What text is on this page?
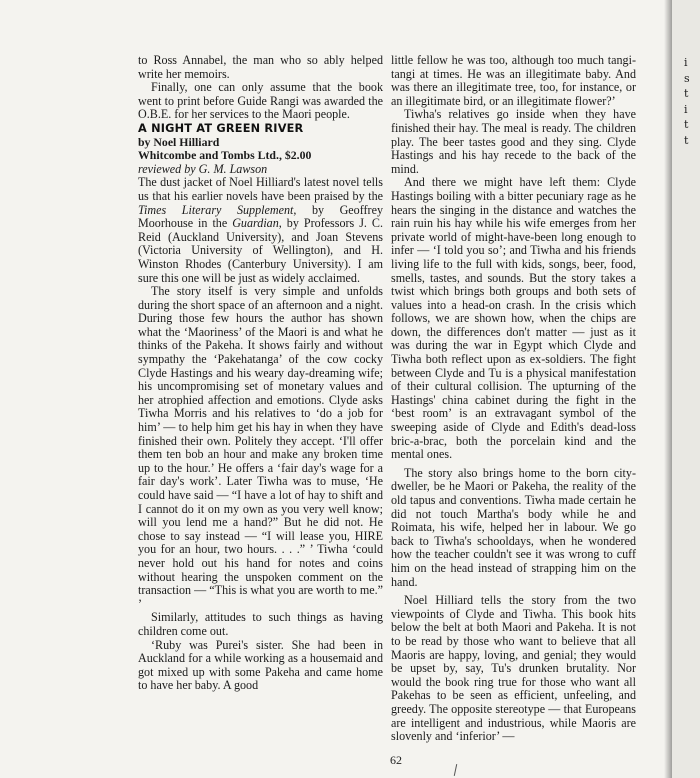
to Ross Annabel, the man who so ably helped write her memoirs.

Finally, one can only assume that the book went to print before Guide Rangi was awarded the O.B.E. for her services to the Maori people.

A NIGHT AT GREEN RIVER

by Noel Hilliard

Whitcombe and Tombs Ltd., $2.00

reviewed by G. M. Lawson

The dust jacket of Noel Hilliard's latest novel tells us that his earlier novels have been praised by the Times Literary Supplement, by Geoffrey Moorhouse in the Guardian, by Professors J. C. Reid (Auckland University), and Joan Stevens (Victoria University of Wellington), and H. Winston Rhodes (Canterbury University). I am sure this one will be just as widely acclaimed.

The story itself is very simple and unfolds during the short space of an afternoon and a night. During those few hours the author has shown what the ‘Maoriness’ of the Maori is and what he thinks of the Pakeha. It shows fairly and without sympathy the ‘Pakehatanga’ of the cow cocky Clyde Hastings and his weary day-dreaming wife; his uncompromising set of monetary values and her atrophied affection and emotions. Clyde asks Tiwha Morris and his relatives to ‘do a job for him’ — to help him get his hay in when they have finished their own. Politely they accept. ‘I'll offer them ten bob an hour and make any broken time up to the hour.’ He offers a ‘fair day's wage for a fair day's work’. Later Tiwha was to muse, ‘He could have said — “I have a lot of hay to shift and I cannot do it on my own as you very well know; will you lend me a hand?” But he did not. He chose to say instead — “I will lease you, HIRE you for an hour, two hours. . . .” ’ Tiwha ‘could never hold out his hand for notes and coins without hearing the unspoken comment on the transaction — “This is what you are worth to me.” ’

Similarly, attitudes to such things as having children come out.

‘Ruby was Purei's sister. She had been in Auckland for a while working as a housemaid and got mixed up with some Pakeha and came home to have her baby. A good

little fellow he was too, although too much tangi-tangi at times. He was an illegitimate baby. And was there an illegitimate tree, too, for instance, or an illegitimate bird, or an illegitimate flower?’

Tiwha's relatives go inside when they have finished their hay. The meal is ready. The children play. The beer tastes good and they sing. Clyde Hastings and his hay recede to the back of the mind.

And there we might have left them: Clyde Hastings boiling with a bitter pecuniary rage as he hears the singing in the distance and watches the rain ruin his hay while his wife emerges from her private world of might-have-been long enough to infer — ‘I told you so’; and Tiwha and his friends living life to the full with kids, songs, beer, food, smells, tastes, and sounds. But the story takes a twist which brings both groups and both sets of values into a head-on crash. In the crisis which follows, we are shown how, when the chips are down, the differences don't matter — just as it was during the war in Egypt which Clyde and Tiwha both reflect upon as ex-soldiers. The fight between Clyde and Tu is a physical manifestation of their cultural collision. The upturning of the Hastings' china cabinet during the fight in the ‘best room’ is an extravagant symbol of the sweeping aside of Clyde and Edith's dead-loss bric-a-brac, both the porcelain kind and the mental ones.

The story also brings home to the born city-dweller, be he Maori or Pakeha, the reality of the old tapus and conventions. Tiwha made certain he did not touch Martha's body while he and Roimata, his wife, helped her in labour. We go back to Tiwha's schooldays, when he wondered how the teacher couldn't see it was wrong to cuff him on the head instead of strapping him on the hand.

Noel Hilliard tells the story from the two viewpoints of Clyde and Tiwha. This book hits below the belt at both Maori and Pakeha. It is not to be read by those who want to believe that all Maoris are happy, loving, and genial; they would be upset by, say, Tu's drunken brutality. Nor would the book ring true for those who want all Pakehas to be seen as efficient, unfeeling, and greedy. The opposite stereotype — that Europeans are intelligent and industrious, while Maoris are slovenly and ‘inferior’ —

62
i
s
t
i
t
t
